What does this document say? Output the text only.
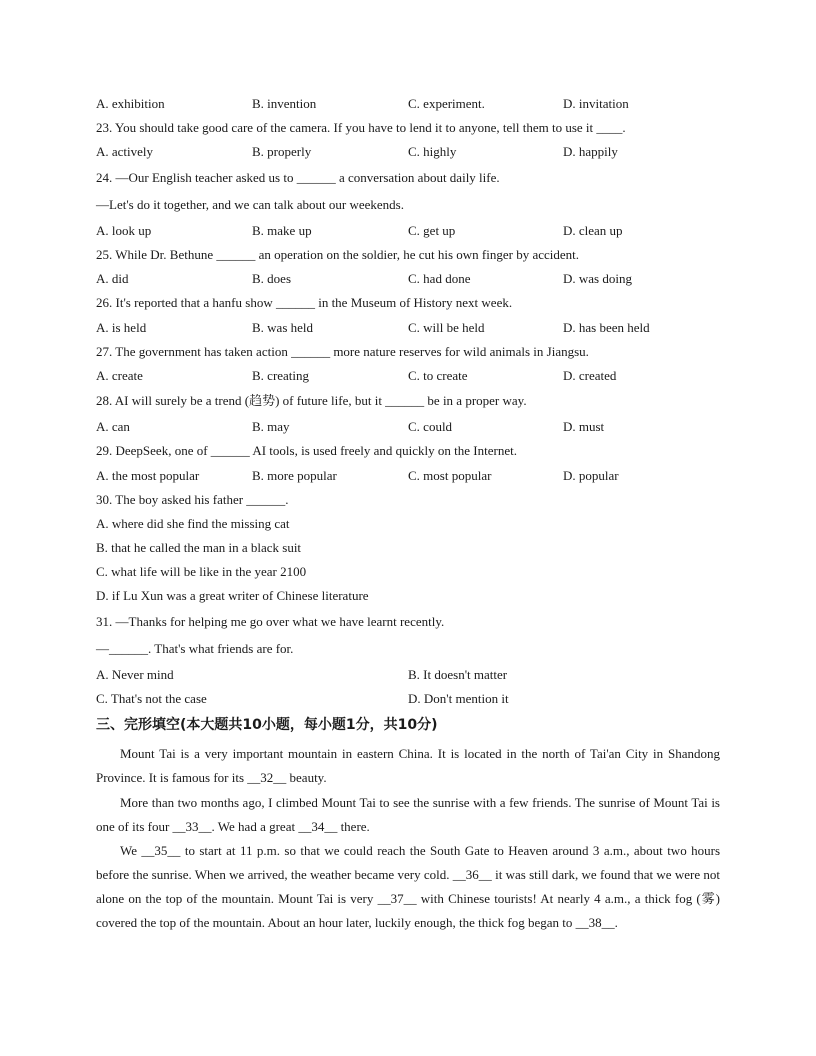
A. exhibition	B. invention	C. experiment.	D. invitation
23. You should take good care of the camera. If you have to lend it to anyone, tell them to use it ____.
A. actively	B. properly	C. highly	D. happily
24. —Our English teacher asked us to ______ a conversation about daily life.
—Let's do it together, and we can talk about our weekends.
A. look up	B. make up	C. get up	D. clean up
25. While Dr. Bethune ______ an operation on the soldier, he cut his own finger by accident.
A. did	B. does	C. had done	D. was doing
26. It's reported that a hanfu show ______ in the Museum of History next week.
A. is held	B. was held	C. will be held	D. has been held
27. The government has taken action ______ more nature reserves for wild animals in Jiangsu.
A. create	B. creating	C. to create	D. created
28. AI will surely be a trend (趋势) of future life, but it ______ be in a proper way.
A. can	B. may	C. could	D. must
29. DeepSeek, one of ______ AI tools, is used freely and quickly on the Internet.
A. the most popular	B. more popular	C. most popular	D. popular
30. The boy asked his father ______.
A. where did she find the missing cat
B. that he called the man in a black suit
C. what life will be like in the year 2100
D. if Lu Xun was a great writer of Chinese literature
31. —Thanks for helping me go over what we have learnt recently.
—______. That's what friends are for.
A. Never mind	B. It doesn't matter
C. That's not the case	D. Don't mention it
三、完形填空(本大题共10小题，每小题1分，共10分)
Mount Tai is a very important mountain in eastern China. It is located in the north of Tai'an City in Shandong Province. It is famous for its __32__ beauty.
More than two months ago, I climbed Mount Tai to see the sunrise with a few friends. The sunrise of Mount Tai is one of its four __33__. We had a great __34__ there.
We __35__ to start at 11 p.m. so that we could reach the South Gate to Heaven around 3 a.m., about two hours before the sunrise. When we arrived, the weather became very cold. __36__ it was still dark, we found that we were not alone on the top of the mountain. Mount Tai is very __37__ with Chinese tourists! At nearly 4 a.m., a thick fog (雾) covered the top of the mountain. About an hour later, luckily enough, the thick fog began to __38__.
